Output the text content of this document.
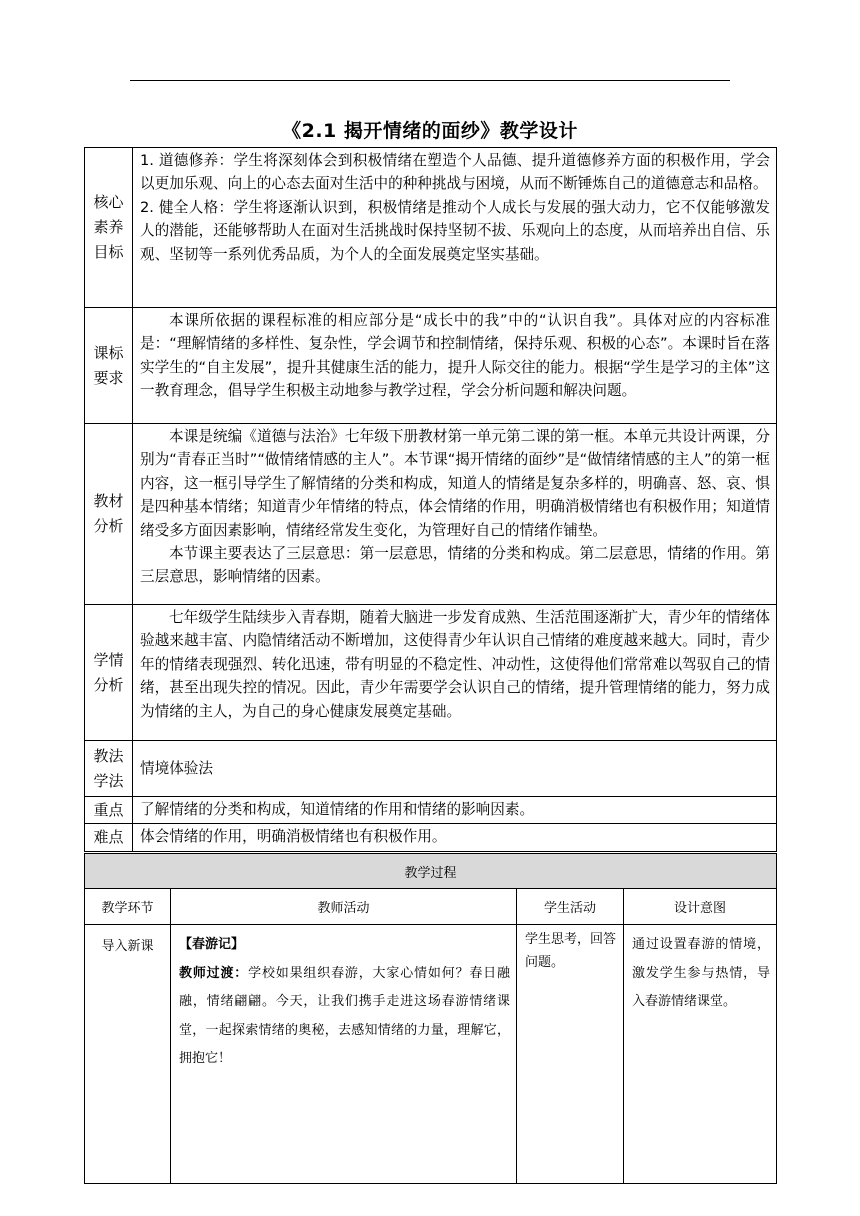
《2.1 揭开情绪的面纱》教学设计
核心素养目标	1. 道德修养：学生将深刻体会到积极情绪在塑造个人品德、提升道德修养方面的积极作用，学会以更加乐观、向上的心态去面对生活中的种种挑战与困境，从而不断锤炼自己的道德意志和品格。
2. 健全人格：学生将逐渐认识到，积极情绪是推动个人成长与发展的强大动力，它不仅能够激发人的潜能，还能够帮助人在面对生活挑战时保持坚韧不拔、乐观向上的态度，从而培养出自信、乐观、坚韧等一系列优秀品质，为个人的全面发展奠定坚实基础。

课标要求	本课所依据的课程标准的相应部分是“成长中的我”中的“认识自我”。具体对应的内容标准是：“理解情绪的多样性、复杂性，学会调节和控制情绪，保持乐观、积极的心态”。本课时旨在落实学生的“自主发展”，提升其健康生活的能力，提升人际交往的能力。根据“学生是学习的主体”这一教育理念，倡导学生积极主动地参与教学过程，学会分析问题和解决问题。

教材分析	本课是统编《道德与法治》七年级下册教材第一单元第二课的第一框。本单元共设计两课，分别为“青春正当时”“做情绪情感的主人”。本节课“揭开情绪的面纱”是“做情绪情感的主人”的第一框内容，这一框引导学生了解情绪的分类和构成，知道人的情绪是复杂多样的，明确喜、怒、哀、惧是四种基本情绪；知道青少年情绪的特点，体会情绪的作用，明确消极情绪也有积极作用；知道情绪受多方面因素影响，情绪经常发生变化，为管理好自己的情绪作铺垫。
本节课主要表达了三层意思：第一层意思，情绪的分类和构成。第二层意思，情绪的作用。第三层意思，影响情绪的因素。

学情分析	七年级学生陆续步入青春期，随着大脑进一步发育成熟、生活范围逐渐扩大，青少年的情绪体验越来越丰富、内隐情绪活动不断增加，这使得青少年认识自己情绪的难度越来越大。同时，青少年的情绪表现强烈、转化迅速，带有明显的不稳定性、冲动性，这使得他们常常难以驾驭自己的情绪，甚至出现失控的情况。因此，青少年需要学会认识自己的情绪，提升管理情绪的能力，努力成为情绪的主人，为自己的身心健康发展奠定基础。

教法学法	情境体验法

重点	了解情绪的分类和构成，知道情绪的作用和情绪的影响因素。

难点	体会情绪的作用，明确消极情绪也有积极作用。
教学过程			
教学环节	教师活动	学生活动	设计意图
导入新课	【春游记】
教师过渡：学校如果组织春游，大家心情如何？春日融融，情绪翩翩。今天，让我们携手走进这场春游情绪课堂，一起探索情绪的奥秘，去感知情绪的力量，理解它，拥抱它！	学生思考，回答问题。	通过设置春游的情境，激发学生参与热情，导入春游情绪课堂。
